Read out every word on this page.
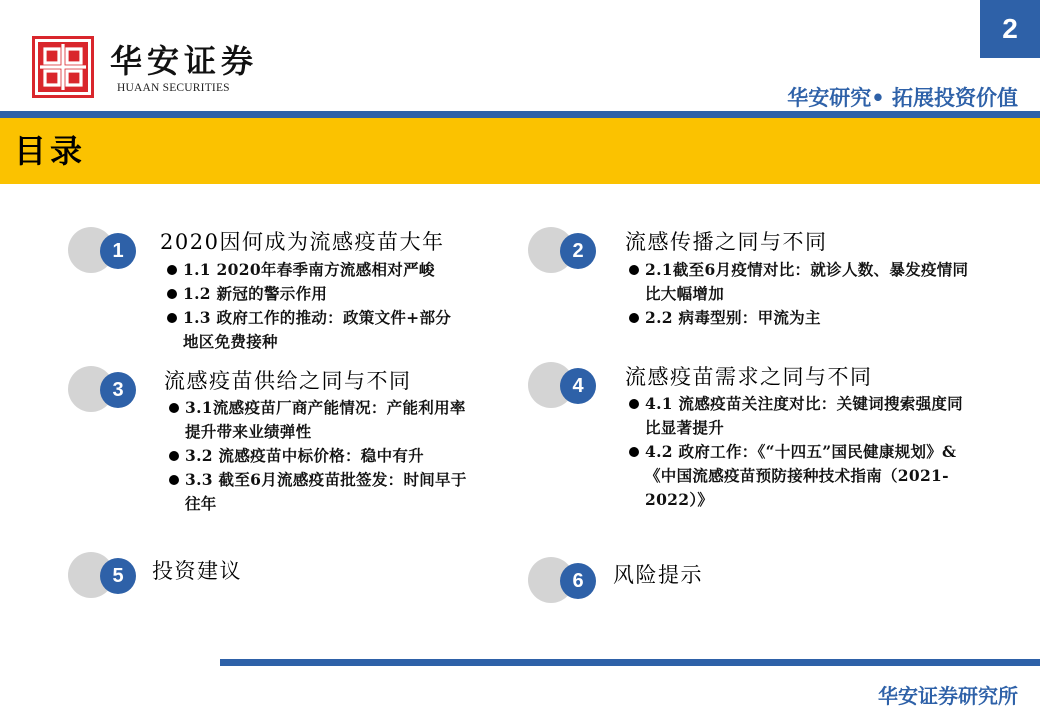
华安证券
HUAAN SECURITIES
2
华安研究• 拓展投资价值
目录
1	2020因何成为流感疫苗大年
1.1 2020年春季南方流感相对严峻
1.2 新冠的警示作用
1.3 政府工作的推动：政策文件+部分地区免费接种
2	流感传播之同与不同
2.1截至6月疫情对比：就诊人数、暴发疫情同比大幅增加
2.2 病毒型别：甲流为主
3	流感疫苗供给之同与不同
3.1流感疫苗厂商产能情况：产能利用率提升带来业绩弹性
3.2 流感疫苗中标价格：稳中有升
3.3 截至6月流感疫苗批签发：时间早于往年
4	流感疫苗需求之同与不同
4.1 流感疫苗关注度对比：关键词搜索强度同比显著提升
4.2 政府工作：《“十四五”国民健康规划》&《中国流感疫苗预防接种技术指南（2021-2022）》
5	投资建议	6	风险提示
华安证券研究所
